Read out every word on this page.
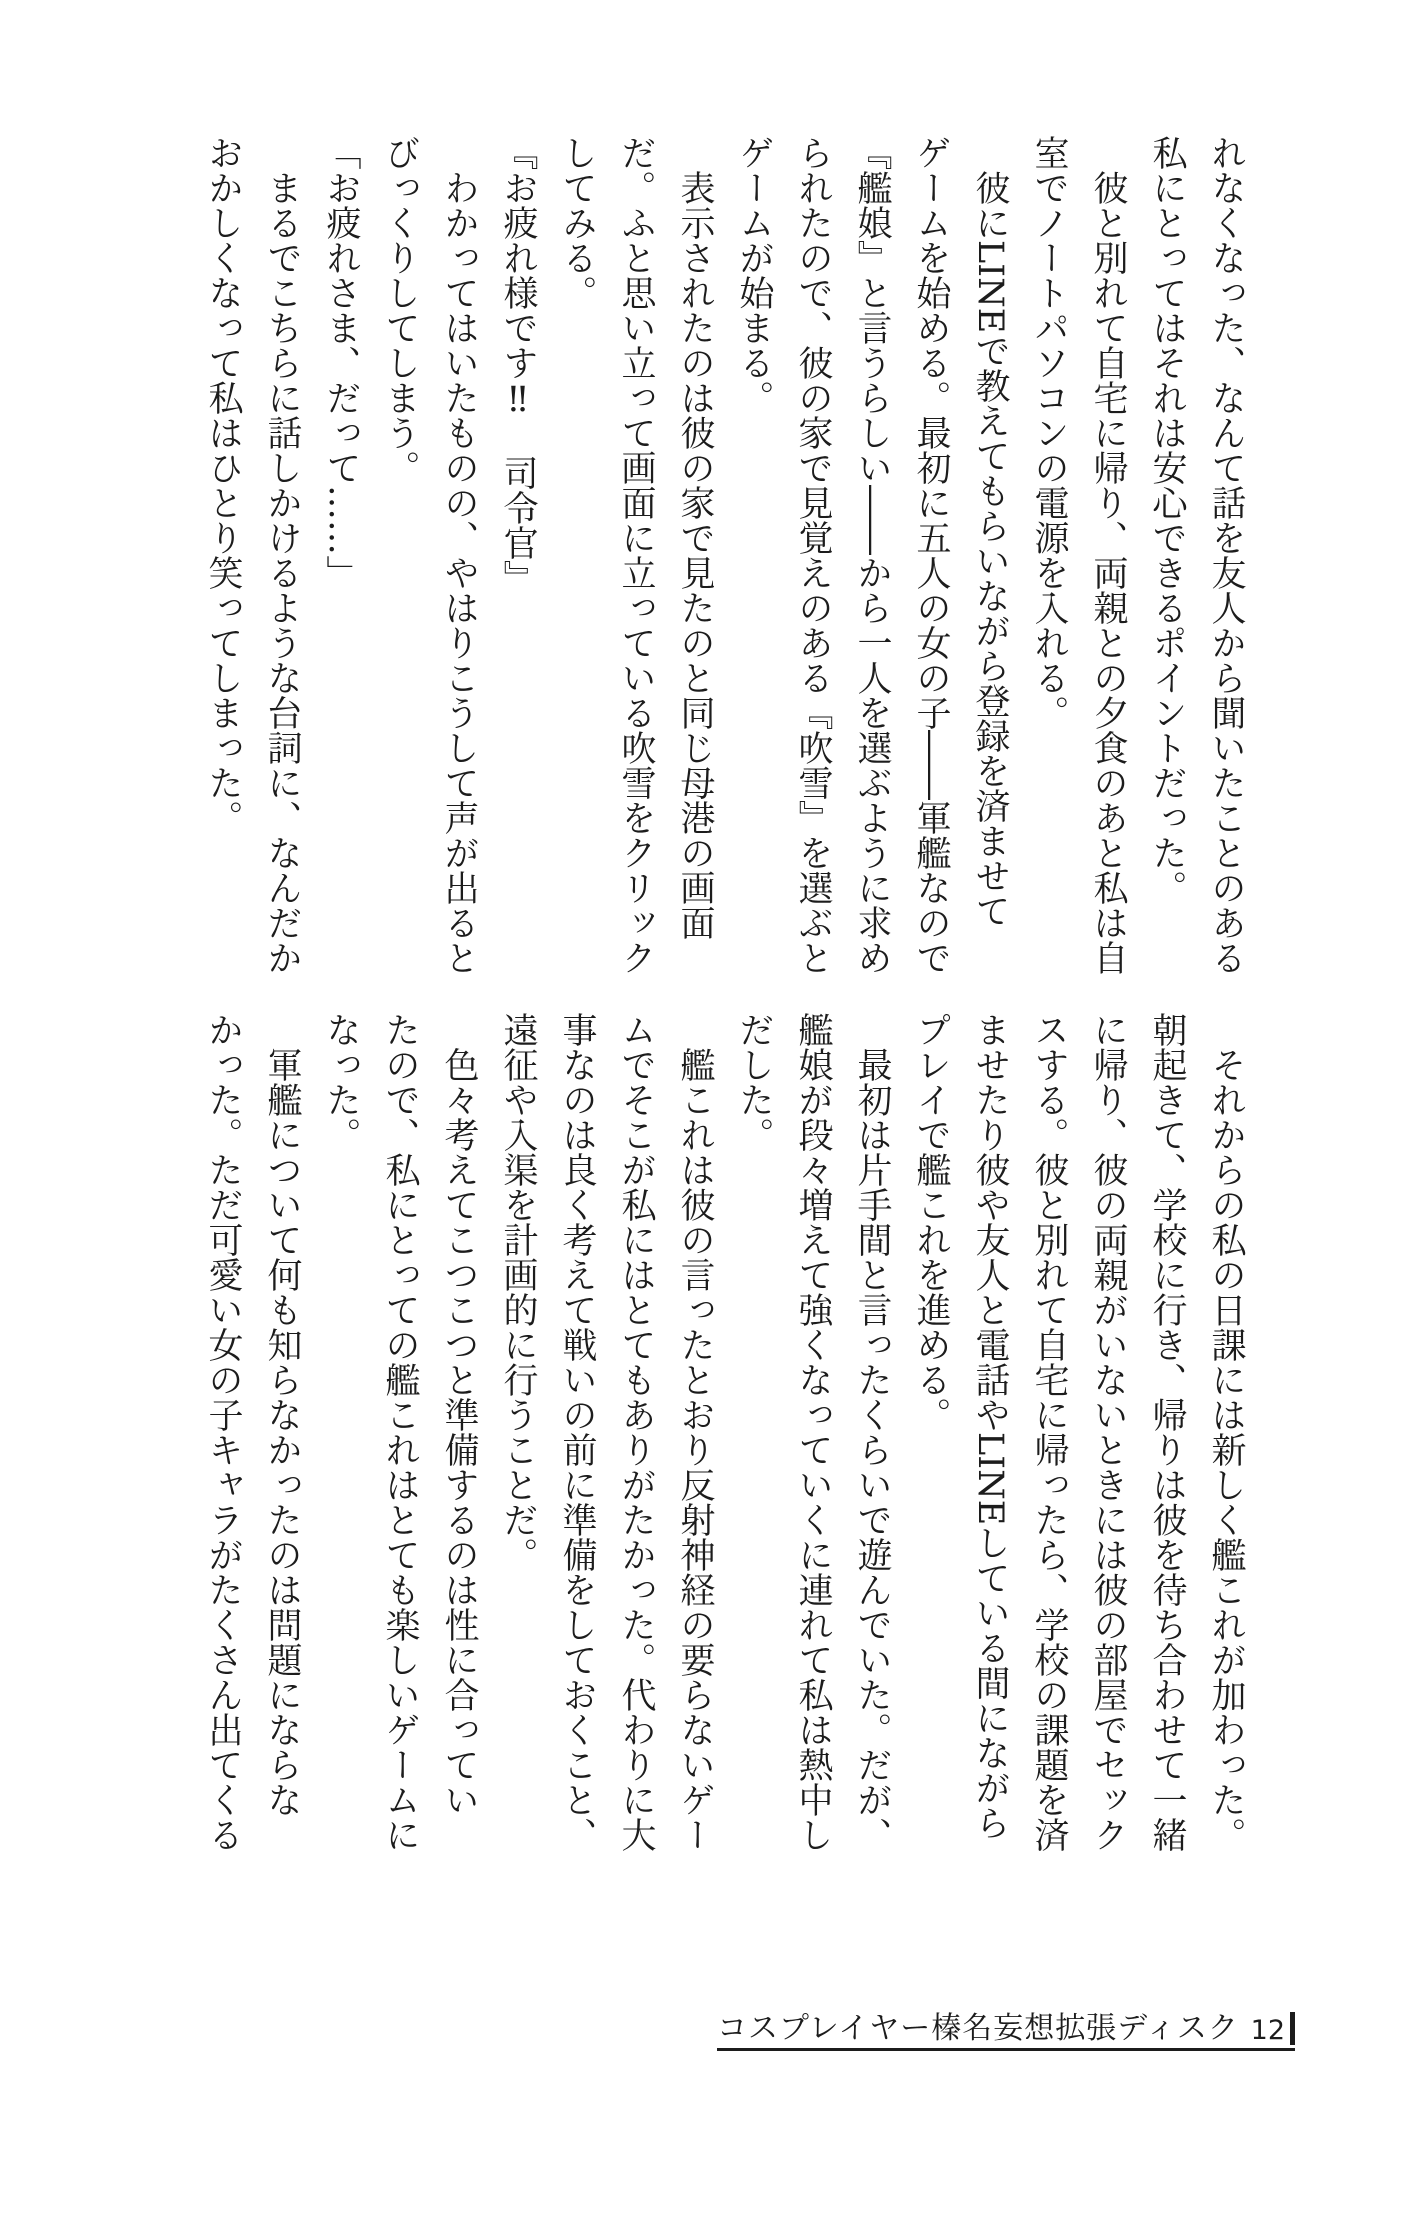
れなくなった、なんて話を友人から聞いたことのある
私にとってはそれは安心できるポイントだった。
　彼と別れて自宅に帰り、両親との夕食のあと私は自
室でノートパソコンの電源を入れる。
　彼にLINEで教えてもらいながら登録を済ませて
ゲームを始める。最初に五人の女の子――軍艦なので
『艦娘』と言うらしい――から一人を選ぶように求め
られたので、彼の家で見覚えのある『吹雪』を選ぶと
ゲームが始まる。
　表示されたのは彼の家で見たのと同じ母港の画面
だ。ふと思い立って画面に立っている吹雪をクリック
してみる。
『お疲れ様です‼　司令官』
　わかってはいたものの、やはりこうして声が出ると
びっくりしてしまう。
「お疲れさま、だって……」
　まるでこちらに話しかけるような台詞に、なんだか
おかしくなって私はひとり笑ってしまった。
　それからの私の日課には新しく艦これが加わった。
朝起きて、学校に行き、帰りは彼を待ち合わせて一緒
に帰り、彼の両親がいないときには彼の部屋でセック
スする。彼と別れて自宅に帰ったら、学校の課題を済
ませたり彼や友人と電話やLINEしている間にながら
プレイで艦これを進める。
　最初は片手間と言ったくらいで遊んでいた。だが、
艦娘が段々増えて強くなっていくに連れて私は熱中し
だした。
　艦これは彼の言ったとおり反射神経の要らないゲー
ムでそこが私にはとてもありがたかった。代わりに大
事なのは良く考えて戦いの前に準備をしておくこと、
遠征や入渠を計画的に行うことだ。
　色々考えてこつこつと準備するのは性に合ってい
たので、私にとっての艦これはとても楽しいゲームに
なった。
　軍艦について何も知らなかったのは問題にならな
かった。ただ可愛い女の子キャラがたくさん出てくる
コスプレイヤー榛名妄想拡張ディスク 12
